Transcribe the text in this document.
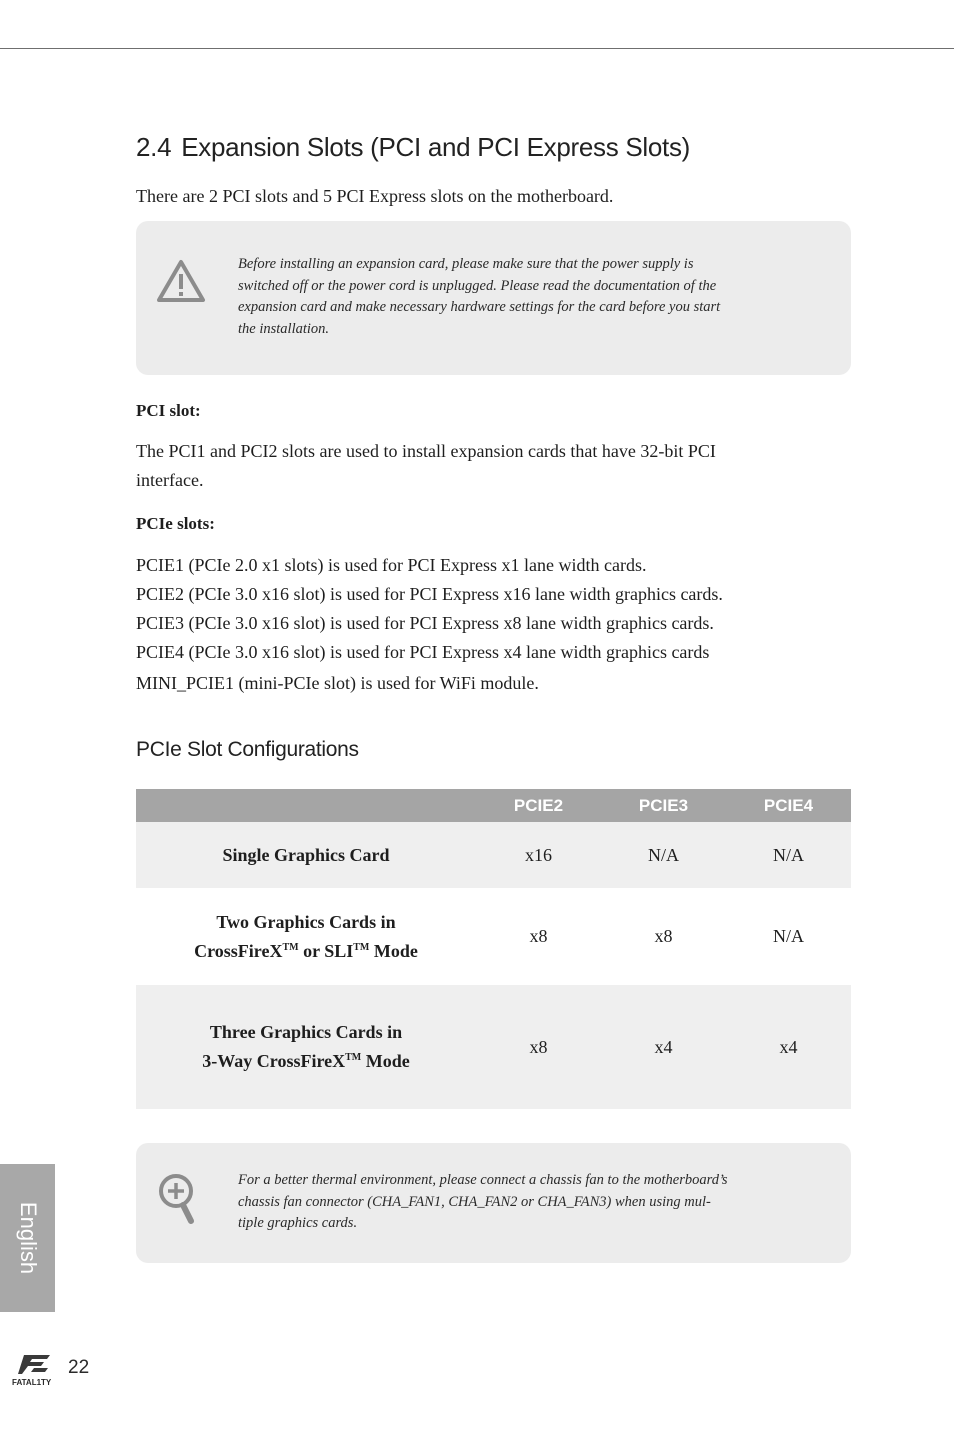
2.4 Expansion Slots (PCI and PCI Express Slots)

There are 2 PCI slots and 5 PCI Express slots on the motherboard.

Before installing an expansion card, please make sure that the power supply is
switched off or the power cord is unplugged. Please read the documentation of the
expansion card and make necessary hardware settings for the card before you start
the installation.

PCI slot:

The PCI1 and PCI2 slots are used to install expansion cards that have 32-bit PCI
interface.

PCIe slots:

PCIE1 (PCIe 2.0 x1 slots) is used for PCI Express x1 lane width cards.
PCIE2 (PCIe 3.0 x16 slot) is used for PCI Express x16 lane width graphics cards.
PCIE3 (PCIe 3.0 x16 slot) is used for PCI Express x8 lane width graphics cards.
PCIE4 (PCIe 3.0 x16 slot) is used for PCI Express x4 lane width graphics cards

MINI_PCIE1 (mini-PCIe slot) is used for WiFi module.

PCIe Slot Configurations
	PCIE2	PCIE3	PCIE4
Single Graphics Card	x16	N/A	N/A
Two Graphics Cards in
CrossFireX™ or SLI™ Mode	x8	x8	N/A
Three Graphics Cards in
3-Way CrossFireX™ Mode	x8	x4	x4

For a better thermal environment, please connect a chassis fan to the motherboard’s
chassis fan connector (CHA_FAN1, CHA_FAN2 or CHA_FAN3) when using mul-
tiple graphics cards.

English
FATAL1TY
22
